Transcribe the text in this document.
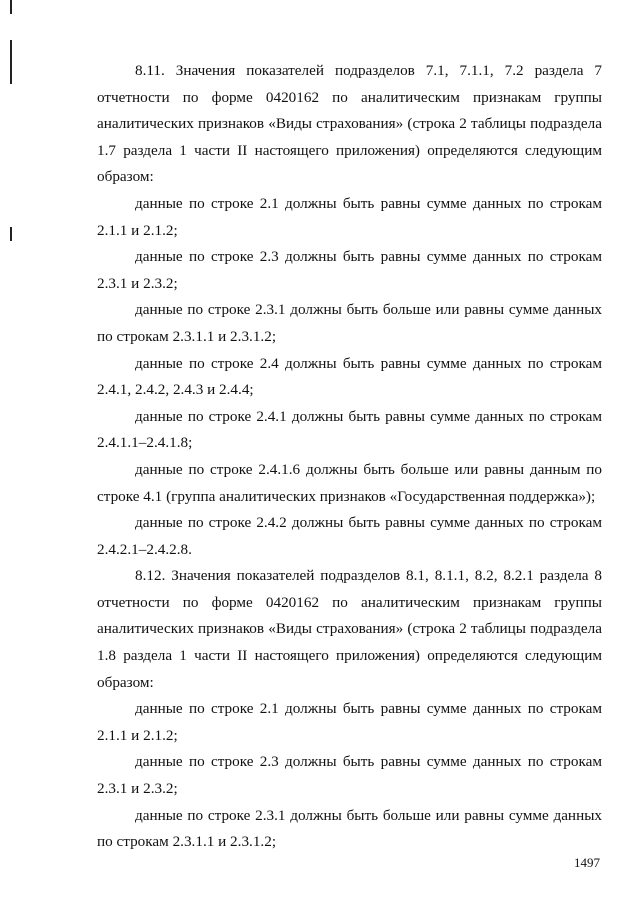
8.11. Значения показателей подразделов 7.1, 7.1.1, 7.2 раздела 7 отчетности по форме 0420162 по аналитическим признакам группы аналитических признаков «Виды страхования» (строка 2 таблицы подраздела 1.7 раздела 1 части II настоящего приложения) определяются следующим образом:

данные по строке 2.1 должны быть равны сумме данных по строкам 2.1.1 и 2.1.2;

данные по строке 2.3 должны быть равны сумме данных по строкам 2.3.1 и 2.3.2;

данные по строке 2.3.1 должны быть больше или равны сумме данных по строкам 2.3.1.1 и 2.3.1.2;

данные по строке 2.4 должны быть равны сумме данных по строкам 2.4.1, 2.4.2, 2.4.3 и 2.4.4;

данные по строке 2.4.1 должны быть равны сумме данных по строкам 2.4.1.1–2.4.1.8;

данные по строке 2.4.1.6 должны быть больше или равны данным по строке 4.1 (группа аналитических признаков «Государственная поддержка»);

данные по строке 2.4.2 должны быть равны сумме данных по строкам 2.4.2.1–2.4.2.8.

8.12. Значения показателей подразделов 8.1, 8.1.1, 8.2, 8.2.1 раздела 8 отчетности по форме 0420162 по аналитическим признакам группы аналитических признаков «Виды страхования» (строка 2 таблицы подраздела 1.8 раздела 1 части II настоящего приложения) определяются следующим образом:

данные по строке 2.1 должны быть равны сумме данных по строкам 2.1.1 и 2.1.2;

данные по строке 2.3 должны быть равны сумме данных по строкам 2.3.1 и 2.3.2;

данные по строке 2.3.1 должны быть больше или равны сумме данных по строкам 2.3.1.1 и 2.3.1.2;

1497
